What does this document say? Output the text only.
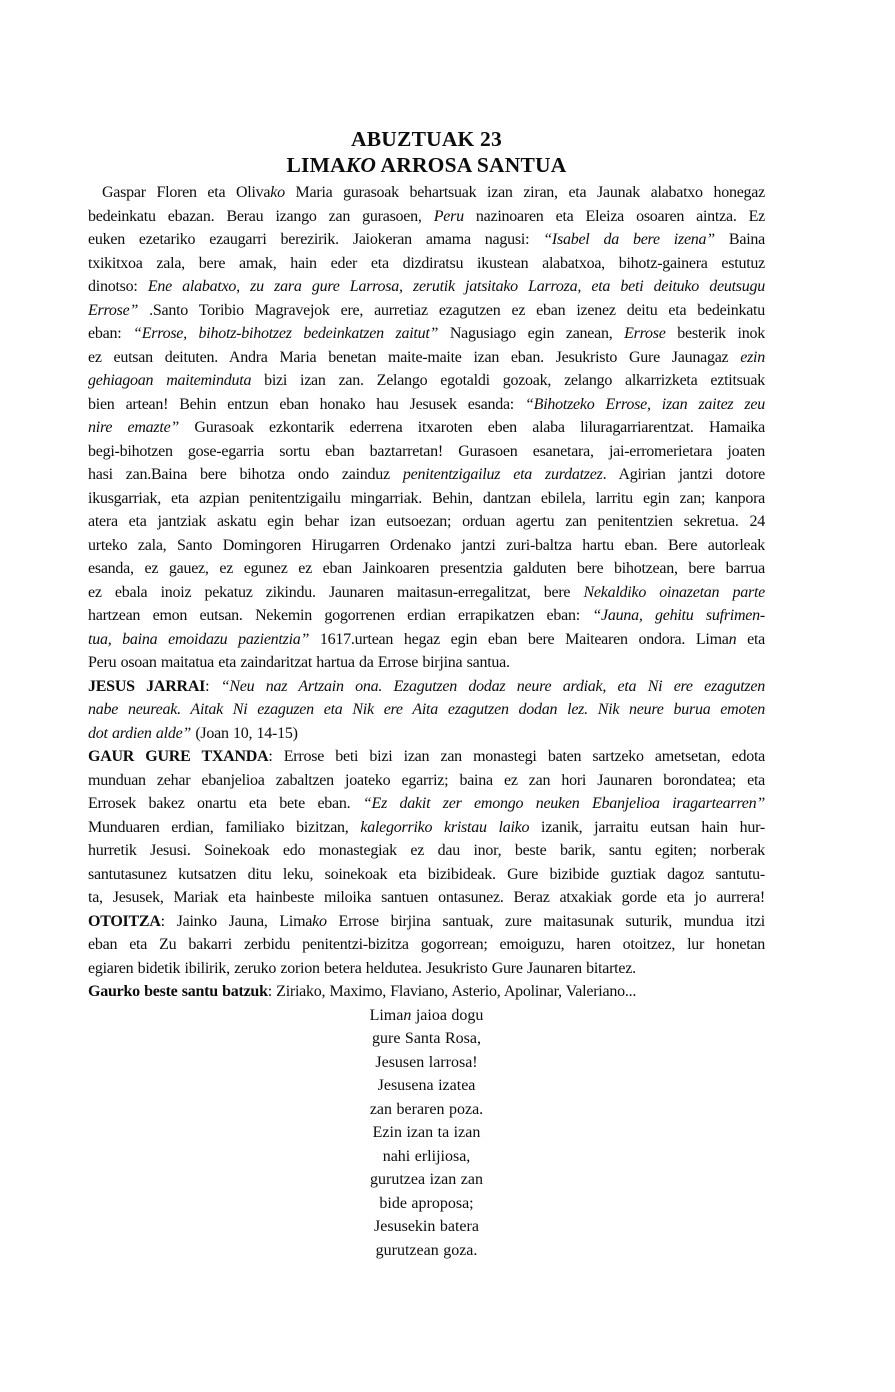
ABUZTUAK 23
LIMAKO ARROSA SANTUA
Gaspar Floren eta Olivako Maria gurasoak behartsuak izan ziran, eta Jaunak alabatxo honegaz
bedeinkatu ebazan. Berau izango zan gurasoen, Peru nazinoaren eta Eleiza osoaren aintza. Ez
euken ezetariko ezaugarri berezirik. Jaiokeran amama nagusi: “Isabel da bere izena” Baina
txikitxoa zala, bere amak, hain eder eta dizdiratsu ikustean alabatxoa, bihotz-gainera estutuz
dinotso: Ene alabatxo, zu zara gure Larrosa, zerutik jatsitako Larroza, eta beti deituko deutsugu
Errose” .Santo Toribio Magravejok ere, aurretiaz ezagutzen ez eban izenez deitu eta bedeinkatu
eban: “Errose, bihotz-bihotzez bedeinkatzen zaitut” Nagusiago egin zanean, Errose besterik inok
ez eutsan deituten. Andra Maria benetan maite-maite izan eban. Jesukristo Gure Jaunagaz ezin
gehiagoan maiteminduta bizi izan zan. Zelango egotaldi gozoak, zelango alkarrizketa eztitsuak
bien artean! Behin entzun eban honako hau Jesusek esanda: “Bihotzeko Errose, izan zaitez zeu
nire emazte” Gurasoak ezkontarik ederrena itxaroten eben alaba liluragarriarentzat. Hamaika
begi-bihotzen gose-egarria sortu eban baztarretan! Gurasoen esanetara, jai-erromerietara joaten
hasi zan.Baina bere bihotza ondo zainduz penitentzigailuz eta zurdatzez. Agirian jantzi dotore
ikusgarriak, eta azpian penitentzigailu mingarriak. Behin, dantzan ebilela, larritu egin zan; kanpora
atera eta jantziak askatu egin behar izan eutsoezan; orduan agertu zan penitentzien sekretua. 24
urteko zala, Santo Domingoren Hirugarren Ordenako jantzi zuri-baltza hartu eban. Bere autorleak
esanda, ez gauez, ez egunez ez eban Jainkoaren presentzia galduten bere bihotzean, bere barrua
ez ebala inoiz pekatuz zikindu. Jaunaren maitasun-erregalitzat, bere Nekaldiko oinazetan parte
hartzean emon eutsan. Nekemin gogorrenen erdian errapikatzen eban: “Jauna, gehitu sufrimen-
tua, baina emoidazu pazientzia” 1617.urtean hegaz egin eban bere Maitearen ondora. Liman eta
Peru osoan maitatua eta zaindaritzat hartua da Errose birjina santua.
JESUS JARRAI: “Neu naz Artzain ona. Ezagutzen dodaz neure ardiak, eta Ni ere ezagutzen
nabe neureak. Aitak Ni ezaguzen eta Nik ere Aita ezagutzen dodan lez. Nik neure burua emoten
dot ardien alde” (Joan 10, 14-15)
GAUR GURE TXANDA: Errose beti bizi izan zan monastegi baten sartzeko ametsetan, edota
munduan zehar ebanjelioa zabaltzen joateko egarriz; baina ez zan hori Jaunaren borondatea; eta
Errosek bakez onartu eta bete eban. “Ez dakit zer emongo neuken Ebanjelioa iragartearren”
Munduaren erdian, familiako bizitzan, kalegorriko kristau laiko izanik, jarraitu eutsan hain hur-
hurretik Jesusi. Soinekoak edo monastegiak ez dau inor, beste barik, santu egiten; norberak
santutasunez kutsatzen ditu leku, soinekoak eta bizibideak. Gure bizibide guztiak dagoz santutu-
ta, Jesusek, Mariak eta hainbeste miloika santuen ontasunez. Beraz atxakiak gorde eta jo aurrera!
OTOITZA: Jainko Jauna, Limako Errose birjina santuak, zure maitasunak suturik, mundua itzi
eban eta Zu bakarri zerbidu penitentzi-bizitza gogorrean; emoiguzu, haren otoitzez, lur honetan
egiaren bidetik ibilirik, zeruko zorion betera heldutea. Jesukristo Gure Jaunaren bitartez.
Gaurko beste santu batzuk: Ziriako, Maximo, Flaviano, Asterio, Apolinar, Valeriano...
Liman jaioa dogu
gure Santa Rosa,
Jesusen larrosa!
Jesusena izatea
zan beraren poza.
Ezin izan ta izan
nahi erlijiosa,
gurutzea izan zan
bide aproposa;
Jesusekin batera
gurutzean goza.
